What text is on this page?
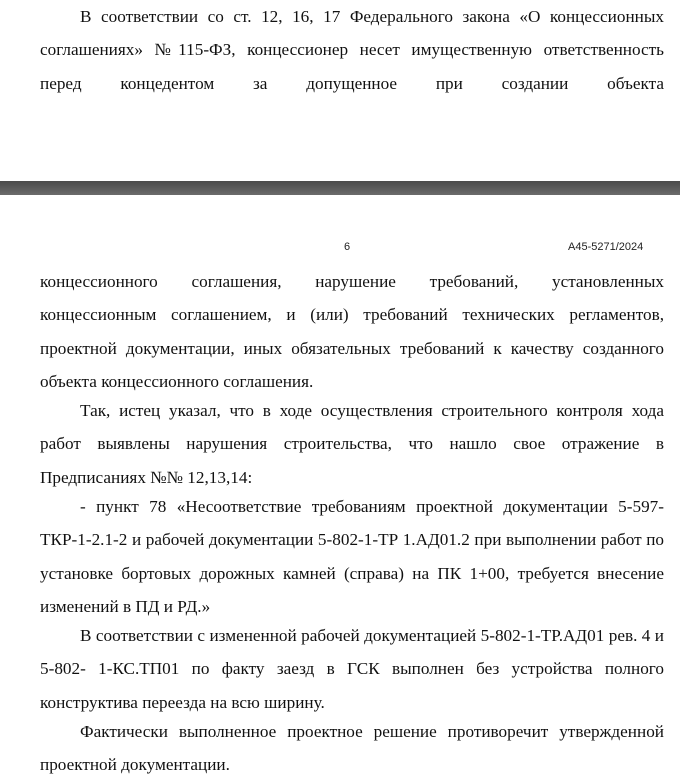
В соответствии со ст. 12, 16, 17 Федерального закона «О концессионных соглашениях» №115-ФЗ, концессионер несет имущественную ответственность перед концедентом за допущенное при создании объекта

6	А45-5271/2024

концессионного соглашения, нарушение требований, установленных концессионным соглашением, и (или) требований технических регламентов, проектной документации, иных обязательных требований к качеству созданного объекта концессионного соглашения.

Так, истец указал, что в ходе осуществления строительного контроля хода работ выявлены нарушения строительства, что нашло свое отражение в Предписаниях №№ 12,13,14:

- пункт 78 «Несоответствие требованиям проектной документации 5-597-ТКР-1-2.1-2 и рабочей документации 5-802-1-ТР 1.АД01.2 при выполнении работ по установке бортовых дорожных камней (справа) на ПК 1+00, требуется внесение изменений в ПД и РД.»

В соответствии с измененной рабочей документацией 5-802-1-ТР.АД01 рев. 4 и 5-802- 1-КС.ТП01 по факту заезд в ГСК выполнен без устройства полного конструктива переезда на всю ширину.

Фактически выполненное проектное решение противоречит утвержденной проектной документации.
